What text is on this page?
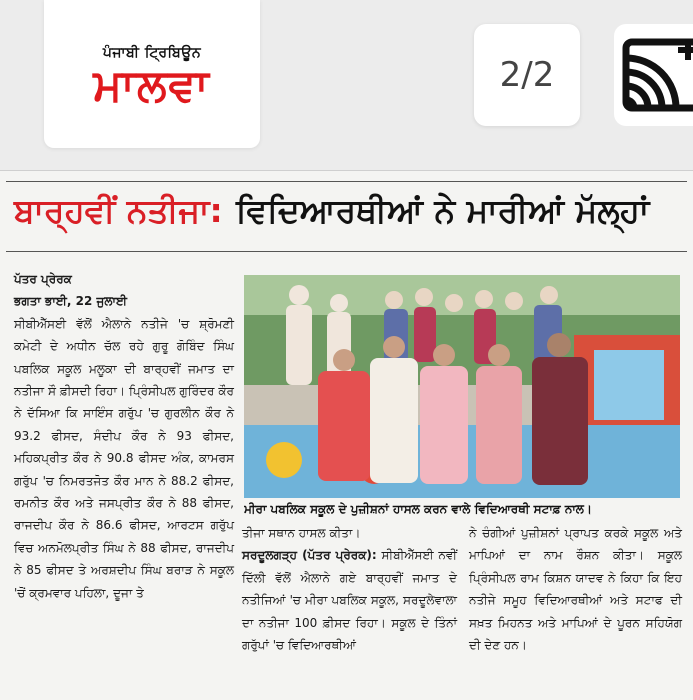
ਪੰਜਾਬੀ ਟ੍ਰਿਬਿਊਨ
ਮਾਲਵਾ	2/2
ਬਾਰ੍ਹਵੀਂ ਨਤੀਜਾ: ਵਿਦਿਆਰਥੀਆਂ ਨੇ ਮਾਰੀਆਂ ਮੱਲ੍ਹਾਂ
ਪੱਤਰ ਪ੍ਰੇਰਕ
ਭਗਤਾ ਭਾਈ, 22 ਜੁਲਾਈ
ਸੀਬੀਐੱਸਈ ਵੱਲੋਂ ਐਲਾਨੇ ਨਤੀਜੇ 'ਚ ਸ਼੍ਰੋਮਣੀ ਕਮੇਟੀ ਦੇ ਅਧੀਨ ਚੱਲ ਰਹੇ ਗੁਰੂ ਗੋਬਿੰਦ ਸਿੰਘ ਪਬਲਿਕ ਸਕੂਲ ਮਲੂਕਾ ਦੀ ਬਾਰ੍ਹਵੀਂ ਜਮਾਤ ਦਾ ਨਤੀਜਾ ਸੌ ਫ਼ੀਸਦੀ ਰਿਹਾ। ਪ੍ਰਿੰਸੀਪਲ ਗੁਰਿੰਦਰ ਕੌਰ ਨੇ ਦੱਸਿਆ ਕਿ ਸਾਇੰਸ ਗਰੁੱਪ 'ਚ ਗੁਰਲੀਨ ਕੌਰ ਨੇ 93.2 ਫੀਸਦ, ਸੰਦੀਪ ਕੌਰ ਨੇ 93 ਫੀਸਦ, ਮਹਿਕਪ੍ਰੀਤ ਕੌਰ ਨੇ 90.8 ਫੀਸਦ ਅੰਕ, ਕਾਮਰਸ ਗਰੁੱਪ 'ਚ ਨਿਮਰਤਜੋਤ ਕੌਰ ਮਾਨ ਨੇ 88.2 ਫੀਸਦ, ਰਮਨੀਤ ਕੌਰ ਅਤੇ ਜਸਪ੍ਰੀਤ ਕੌਰ ਨੇ 88 ਫੀਸਦ, ਰਾਜਦੀਪ ਕੌਰ ਨੇ 86.6 ਫੀਸਦ, ਆਰਟਸ ਗਰੁੱਪ ਵਿਚ ਅਨਮੋਲਪ੍ਰੀਤ ਸਿੰਘ ਨੇ 88 ਫੀਸਦ, ਰਾਜਦੀਪ ਨੇ 85 ਫੀਸਦ ਤੇ ਅਰਸ਼ਦੀਪ ਸਿੰਘ ਬਰਾੜ ਨੇ ਸਕੂਲ 'ਚੋਂ ਕ੍ਰਮਵਾਰ ਪਹਿਲਾ, ਦੂਜਾ ਤੇ
ਮੀਰਾ ਪਬਲਿਕ ਸਕੂਲ ਦੇ ਪੁਜ਼ੀਸ਼ਨਾਂ ਹਾਸਲ ਕਰਨ ਵਾਲੇ ਵਿਦਿਆਰਥੀ ਸਟਾਫ਼ ਨਾਲ।
ਤੀਜਾ ਸਥਾਨ ਹਾਸਲ ਕੀਤਾ।
ਸਰਦੂਲਗੜ੍ਹ (ਪੱਤਰ ਪ੍ਰੇਰਕ): ਸੀਬੀਐੱਸਈ ਨਵੀਂ ਦਿੱਲੀ ਵੱਲੋਂ ਐਲਾਨੇ ਗਏ ਬਾਰ੍ਹਵੀਂ ਜਮਾਤ ਦੇ ਨਤੀਜਿਆਂ 'ਚ ਮੀਰਾ ਪਬਲਿਕ ਸਕੂਲ, ਸਰਦੂਲੇਵਾਲਾ ਦਾ ਨਤੀਜਾ 100 ਫ਼ੀਸਦ ਰਿਹਾ। ਸਕੂਲ ਦੇ ਤਿੰਨਾਂ ਗਰੁੱਪਾਂ 'ਚ ਵਿਦਿਆਰਥੀਆਂ
ਨੇ ਚੰਗੀਆਂ ਪੁਜ਼ੀਸ਼ਨਾਂ ਪ੍ਰਾਪਤ ਕਰਕੇ ਸਕੂਲ ਅਤੇ ਮਾਪਿਆਂ ਦਾ ਨਾਮ ਰੌਸ਼ਨ ਕੀਤਾ। ਸਕੂਲ ਪ੍ਰਿੰਸੀਪਲ ਰਾਮ ਕਿਸ਼ਨ ਯਾਦਵ ਨੇ ਕਿਹਾ ਕਿ ਇਹ ਨਤੀਜੇ ਸਮੂਹ ਵਿਦਿਆਰਥੀਆਂ ਅਤੇ ਸਟਾਫ ਦੀ ਸਖ਼ਤ ਮਿਹਨਤ ਅਤੇ ਮਾਪਿਆਂ ਦੇ ਪੂਰਨ ਸਹਿਯੋਗ ਦੀ ਦੇਣ ਹਨ।
